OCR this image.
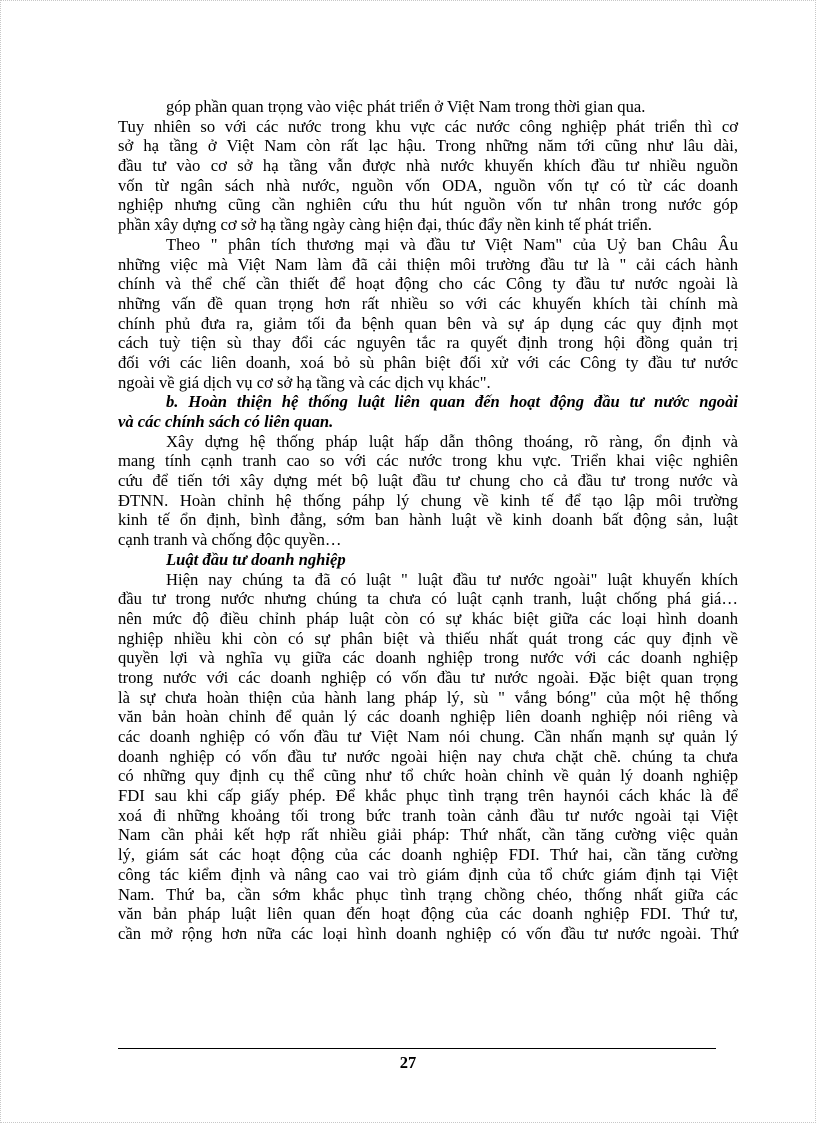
góp phần quan trọng vào việc phát triển ở Việt Nam trong thời gian qua.
Tuy nhiên so với các nước trong khu vực các nước công nghiệp phát triển thì cơ
sở hạ tầng ở Việt Nam còn rất lạc hậu. Trong những năm tới cũng như lâu dài,
đầu tư vào cơ sở hạ tầng vẫn được nhà nước khuyến khích đầu tư nhiều nguồn
vốn từ ngân sách nhà nước, nguồn vốn ODA, nguồn vốn tự có từ các doanh
nghiệp nhưng cũng cần nghiên cứu thu hút nguồn vốn tư nhân trong nước góp
phần xây dựng cơ sở hạ tầng ngày càng hiện đại, thúc đẩy nền kinh tế phát triển.
Theo " phân tích thương mại và đầu tư Việt Nam" của Uỷ ban Châu Âu
những việc mà Việt Nam làm đã cải thiện môi trường đầu tư là " cải cách hành
chính và thể chế cần thiết để hoạt động cho các Công ty đầu tư nước ngoài là
những vấn đề quan trọng hơn rất nhiều so với các khuyến khích tài chính mà
chính phủ đưa ra, giảm tối đa bệnh quan bên và sự áp dụng các quy định mọt
cách tuỳ tiện sù thay đổi các nguyên tắc ra quyết định trong hội đồng quản trị
đối với các liên doanh, xoá bỏ sù phân biệt đối xử với các Công ty đầu tư nước
ngoài về giá dịch vụ cơ sở hạ tầng và các dịch vụ khác".
b. Hoàn thiện hệ thống luật liên quan đến hoạt động đầu tư nước ngoài
và các chính sách có liên quan.
Xây dựng hệ thống pháp luật hấp dẫn thông thoáng, rõ ràng, ổn định và
mang tính cạnh tranh cao so với các nước trong khu vực. Triển khai việc nghiên
cứu để tiến tới xây dựng mét bộ luật đầu tư chung cho cả đầu tư trong nước và
ĐTNN. Hoàn chỉnh hệ thống páhp lý chung về kinh tế để tạo lập môi trường
kinh tế ổn định, bình đẳng, sớm ban hành luật về kinh doanh bất động sản, luật
cạnh tranh và chống độc quyền…
Luật đầu tư doanh nghiệp
Hiện nay chúng ta đã có luật " luật đầu tư nước ngoài" luật khuyến khích
đầu tư trong nước nhưng chúng ta chưa có luật cạnh tranh, luật chống phá giá…
nên mức độ điều chỉnh pháp luật còn có sự khác biệt giữa các loại hình doanh
nghiệp nhiều khi còn có sự phân biệt và thiếu nhất quát trong các quy định về
quyền lợi và nghĩa vụ giữa các doanh nghiệp trong nước với các doanh nghiệp
trong nước với các doanh nghiệp có vốn đầu tư nước ngoài. Đặc biệt quan trọng
là sự chưa hoàn thiện của hành lang pháp lý, sù " vắng bóng" của một hệ thống
văn bản hoàn chỉnh để quản lý các doanh nghiệp liên doanh nghiệp nói riêng và
các doanh nghiệp có vốn đầu tư Việt Nam nói chung. Cần nhấn mạnh sự quản lý
doanh nghiệp có vốn đầu tư nước ngoài hiện nay chưa chặt chẽ. chúng ta chưa
có những quy định cụ thể cũng như tổ chức hoàn chỉnh về quản lý doanh nghiệp
FDI sau khi cấp giấy phép. Để khắc phục tình trạng trên haynói cách khác là để
xoá đi những khoảng tối trong bức tranh toàn cảnh đầu tư nước ngoài tại Việt
Nam cần phải kết hợp rất nhiều giải pháp: Thứ nhất, cần tăng cường việc quản
lý, giám sát các hoạt động của các doanh nghiệp FDI. Thứ hai, cần tăng cường
công tác kiểm định và nâng cao vai trò giám định của tổ chức giám định tại Việt
Nam. Thứ ba, cần sớm khắc phục tình trạng chồng chéo, thống nhất giữa các
văn bản pháp luật liên quan đến hoạt động của các doanh nghiệp FDI. Thứ tư,
cần mở rộng hơn nữa các loại hình doanh nghiệp có vốn đầu tư nước ngoài. Thứ
27
